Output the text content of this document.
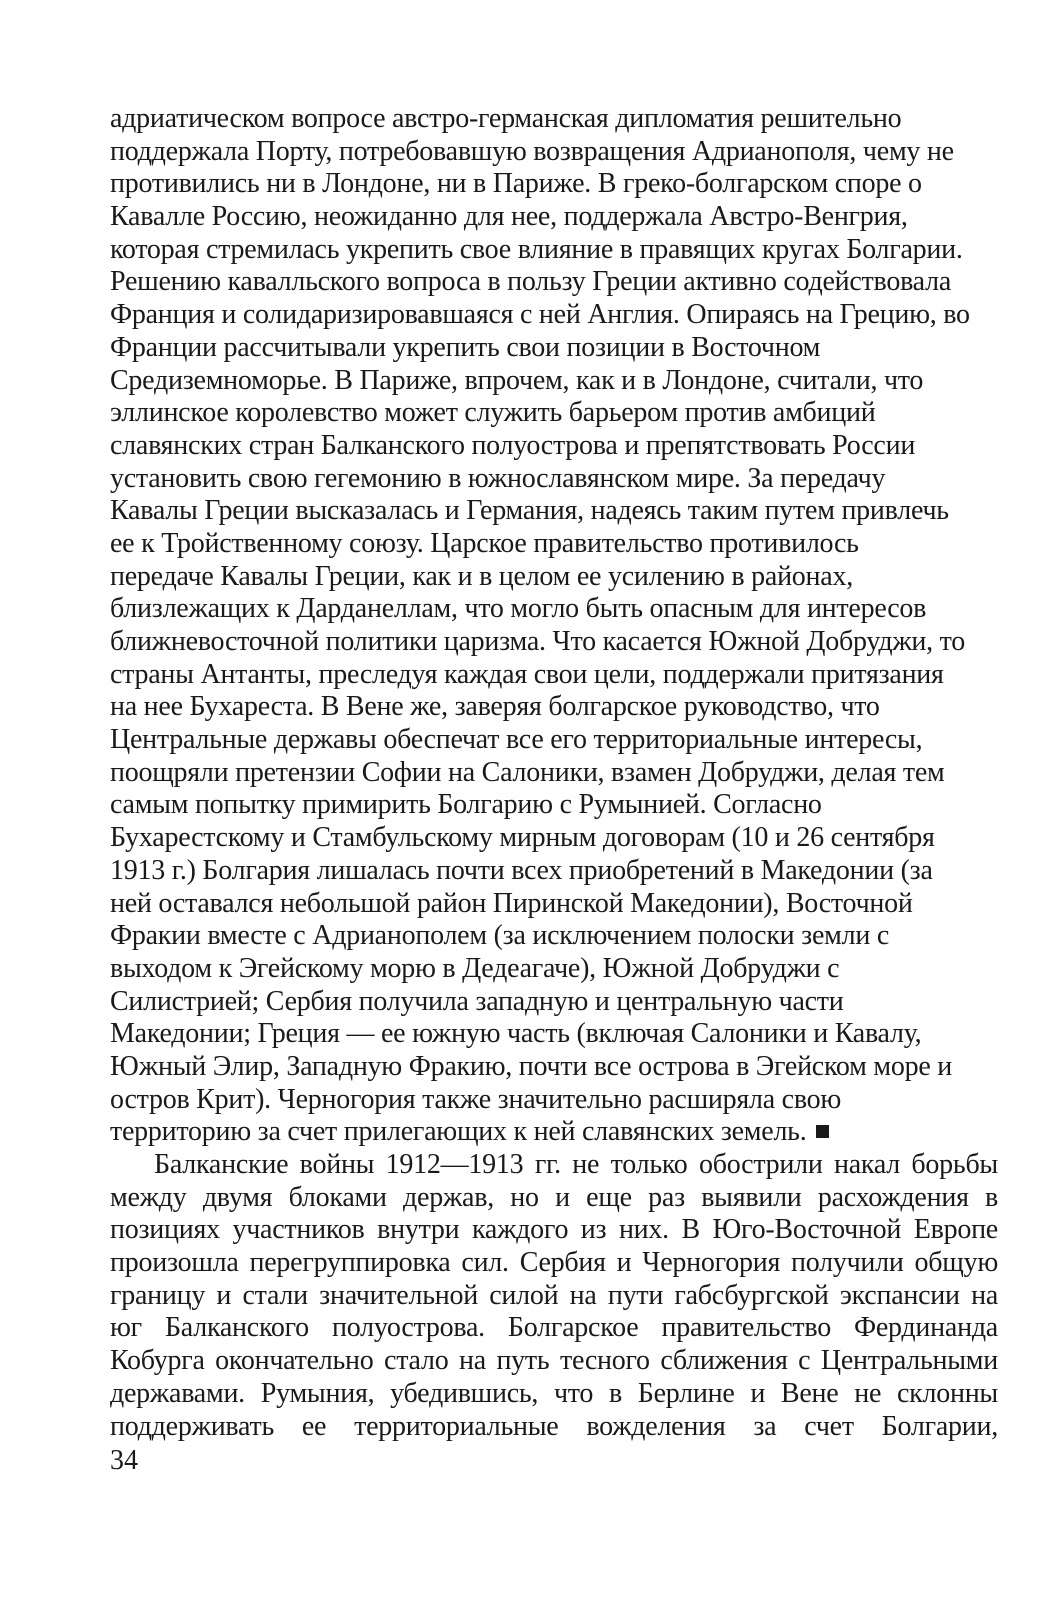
адриатическом вопросе австро-германская дипломатия решительно
поддержала Порту, потребовавшую возвращения Адрианополя, чему не
противились ни в Лондоне, ни в Париже. В греко-болгарском споре о
Кавалле Россию, неожиданно для нее, поддержала Австро-Венгрия,
которая стремилась укрепить свое влияние в правящих кругах Болгарии.
Решению кавалльского вопроса в пользу Греции активно содействовала
Франция и солидаризировавшаяся с ней Англия. Опираясь на Грецию, во
Франции рассчитывали укрепить свои позиции в Восточном
Средиземноморье. В Париже, впрочем, как и в Лондоне, считали, что
эллинское королевство может служить барьером против амбиций
славянских стран Балканского полуострова и препятствовать России
установить свою гегемонию в южнославянском мире. За передачу
Кавалы Греции высказалась и Германия, надеясь таким путем привлечь
ее к Тройственному союзу. Царское правительство противилось
передаче Кавалы Греции, как и в целом ее усилению в районах,
близлежащих к Дарданеллам, что могло быть опасным для интересов
ближневосточной политики царизма. Что касается Южной Добруджи, то
страны Антанты, преследуя каждая свои цели, поддержали притязания
на нее Бухареста. В Вене же, заверяя болгарское руководство, что
Центральные державы обеспечат все его территориальные интересы,
поощряли претензии Софии на Салоники, взамен Добруджи, делая тем
самым попытку примирить Болгарию с Румынией. Согласно
Бухарестскому и Стамбульскому мирным договорам (10 и 26 сентября
1913 г.) Болгария лишалась почти всех приобретений в Македонии (за
ней оставался небольшой район Пиринской Македонии), Восточной
Фракии вместе с Адрианополем (за исключением полоски земли с
выходом к Эгейскому морю в Дедеагаче), Южной Добруджи с
Силистрией; Сербия получила западную и центральную части
Македонии; Греция — ее южную часть (включая Салоники и Кавалу,
Южный Элир, Западную Фракию, почти все острова в Эгейском море и
остров Крит). Черногория также значительно расширяла свою
территорию за счет прилегающих к ней славянских земель.
Балканские войны 1912—1913 гг. не только обострили накал борьбы
между двумя блоками держав, но и еще раз выявили расхождения в
позициях участников внутри каждого из них. В Юго-Восточной Европе
произошла перегруппировка сил. Сербия и Черногория получили общую
границу и стали значительной силой на пути габсбургской экспансии на
юг Балканского полуострова. Болгарское правительство Фердинанда
Кобурга окончательно стало на путь тесного сближения с Центральными
державами. Румыния, убедившись, что в Берлине и Вене не склонны
поддерживать ее территориальные вожделения за счет Болгарии,
34
